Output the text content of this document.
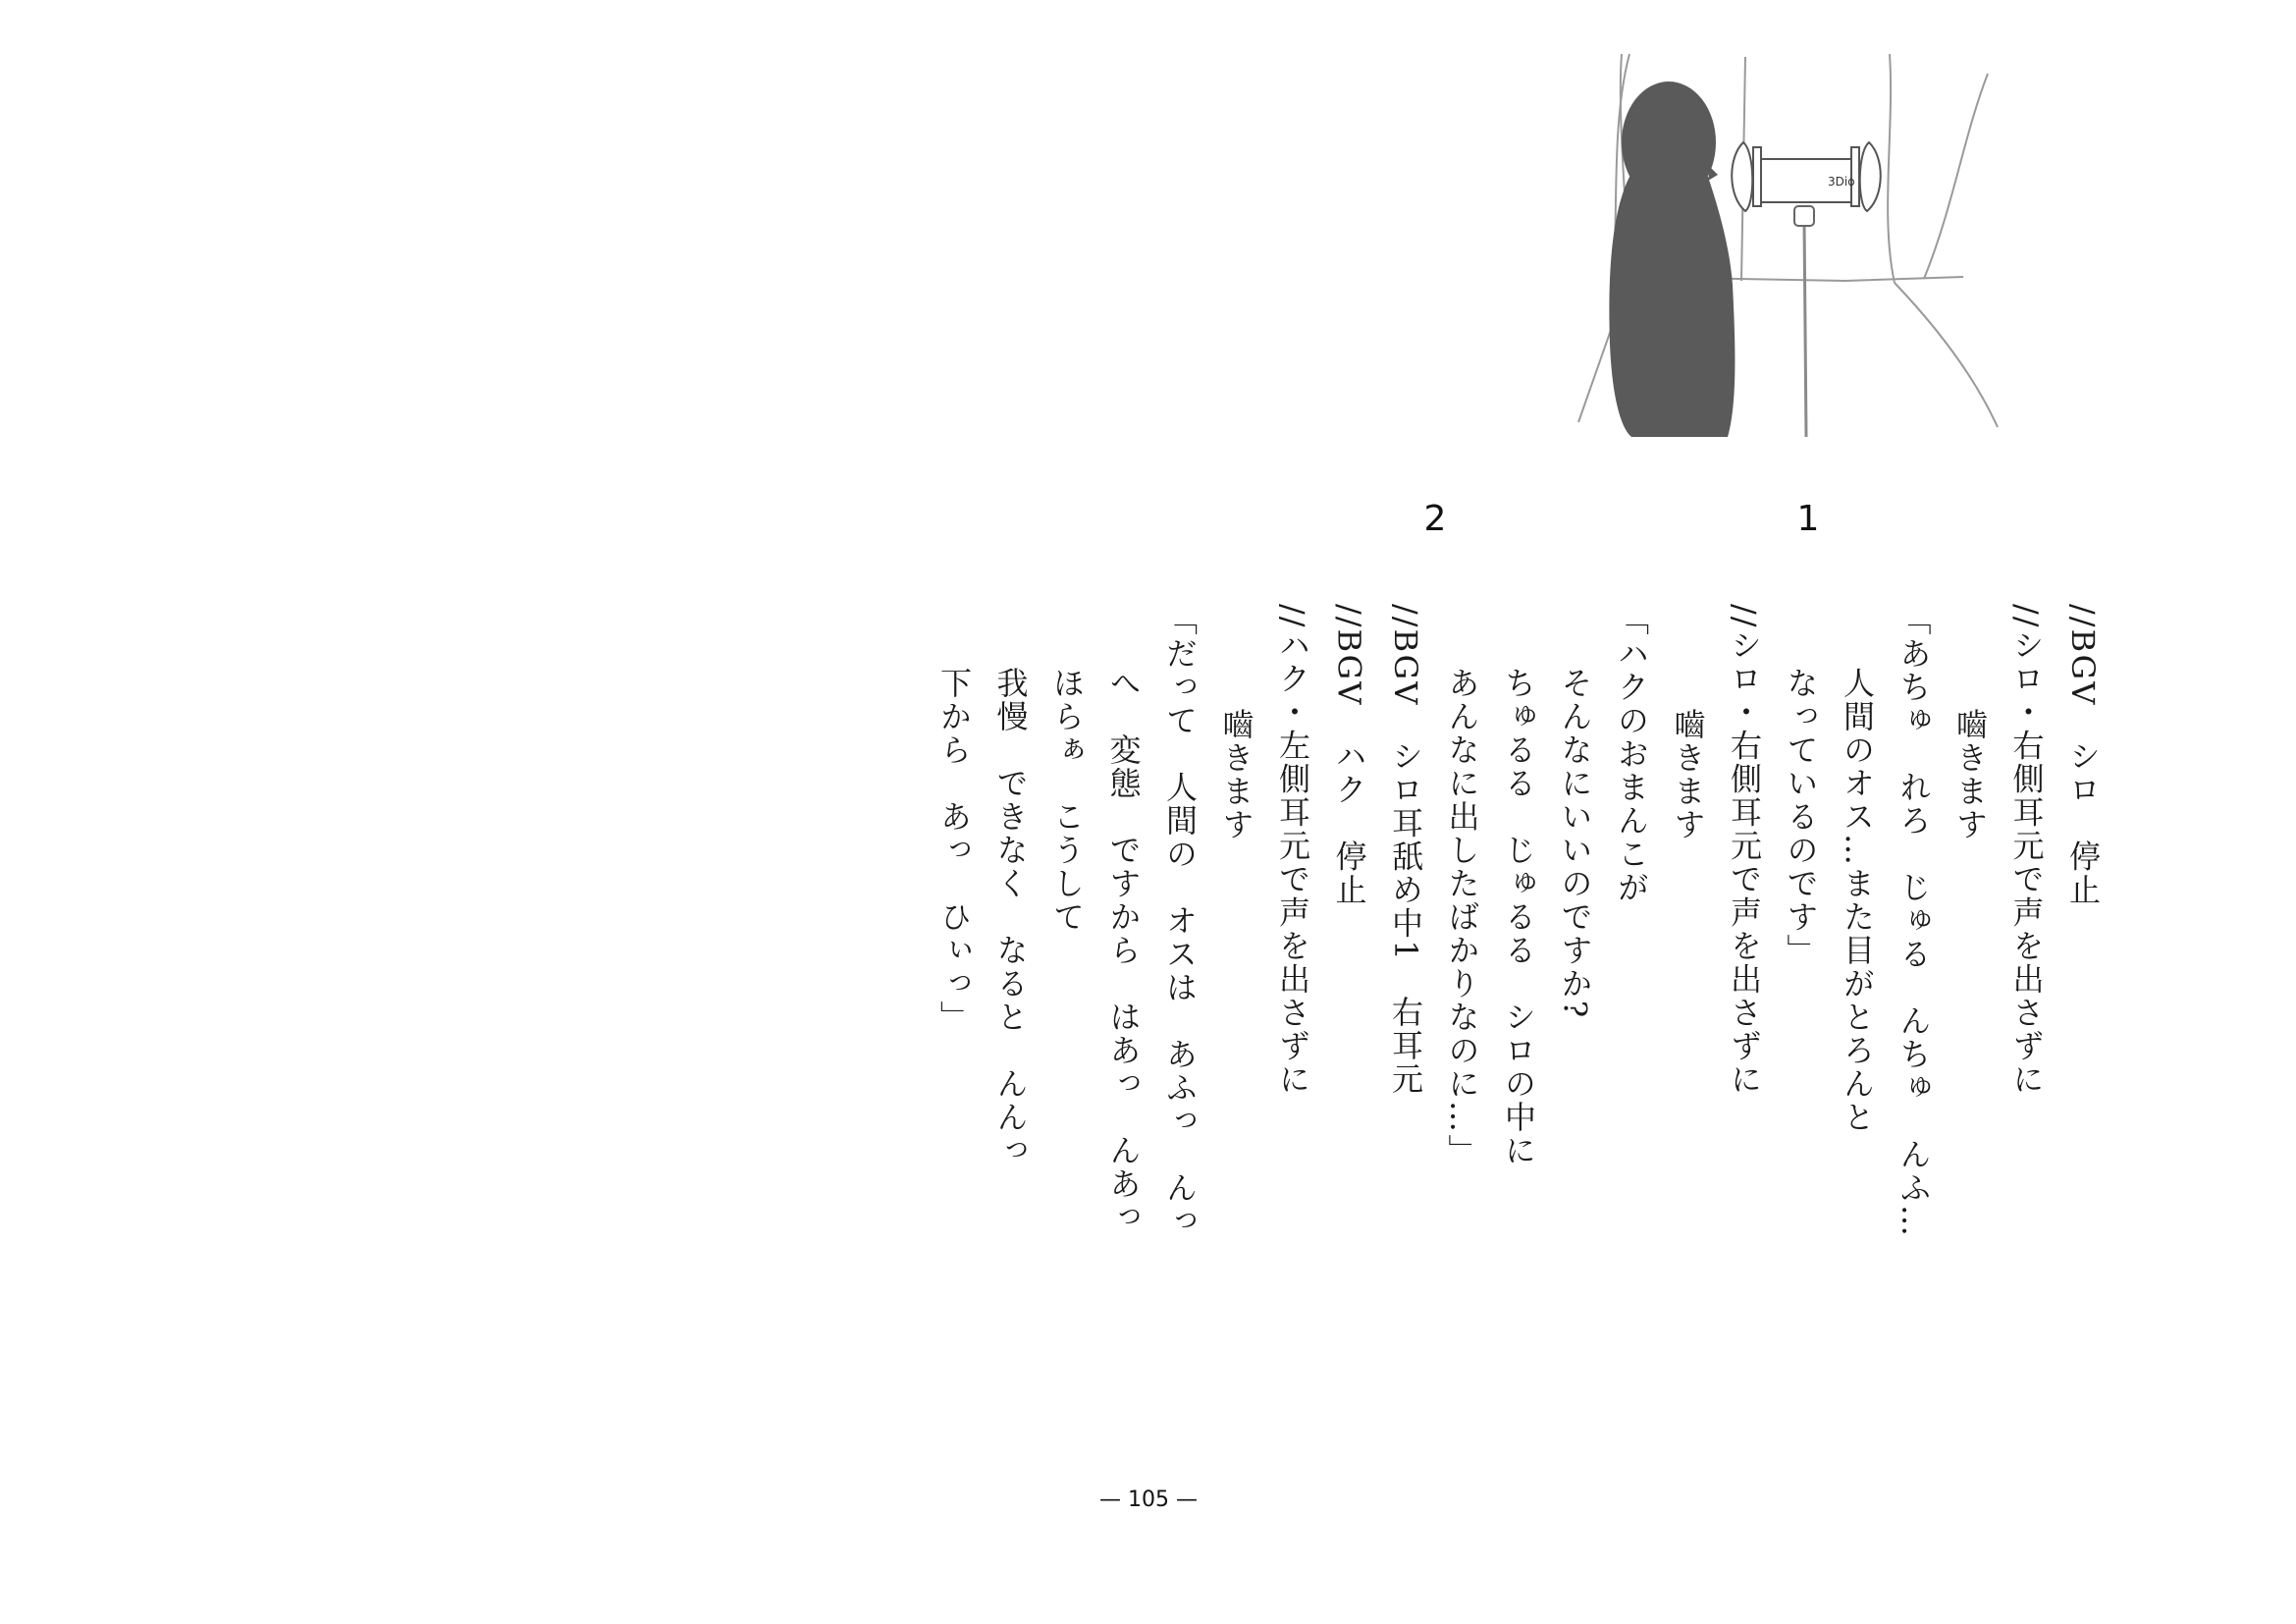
3Dio
1
2
//BGV　シロ　停止
//シロ・右側耳元で声を出さずに
嚙きます
「あちゅ　れろ　じゅる　んちゅ　んふ…
人間のオス…また目がとろんと
なっているのです」
//シロ・右側耳元で声を出さずに
嚙きます
「ハクのおまんこが
そんなにいいのですか?
ちゅるる　じゅるる　シロの中に
あんなに出したばかりなのに…」
//BGV　シロ耳舐め中1　右耳元
//BGV　ハク　停止
//ハク・左側耳元で声を出さずに
嚙きます
「だって　人間の　オスは　あふっ　んっ
へ　変態　ですから　はあっ　んあっ
ほらぁ　こうして
我慢　できなく　なると　んんっ
下から　あっ　ひぃっ」
— 105 —
